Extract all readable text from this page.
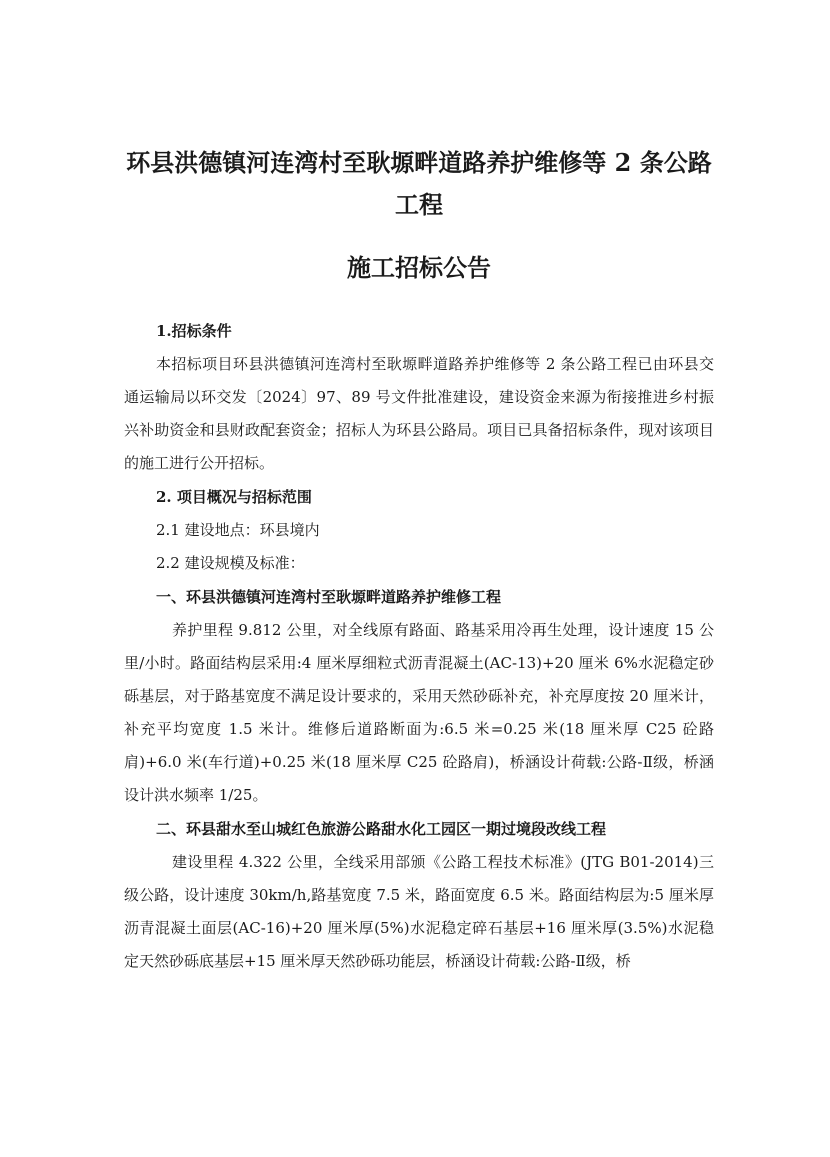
环县洪德镇河连湾村至耿塬畔道路养护维修等 2 条公路工程
施工招标公告

1.招标条件

本招标项目环县洪德镇河连湾村至耿塬畔道路养护维修等 2 条公路工程已由环县交通运输局以环交发〔2024〕97、89 号文件批准建设，建设资金来源为衔接推进乡村振兴补助资金和县财政配套资金；招标人为环县公路局。项目已具备招标条件，现对该项目的施工进行公开招标。

2. 项目概况与招标范围

2.1 建设地点：环县境内

2.2 建设规模及标准：

一、环县洪德镇河连湾村至耿塬畔道路养护维修工程

养护里程 9.812 公里，对全线原有路面、路基采用冷再生处理，设计速度 15 公里/小时。路面结构层采用:4 厘米厚细粒式沥青混凝土(AC-13)+20 厘米 6%水泥稳定砂砾基层，对于路基宽度不满足设计要求的，采用天然砂砾补充，补充厚度按 20 厘米计，补充平均宽度 1.5 米计。维修后道路断面为:6.5 米=0.25 米(18 厘米厚 C25 砼路肩)+6.0 米(车行道)+0.25 米(18 厘米厚 C25 砼路肩)，桥涵设计荷载:公路-Ⅱ级，桥涵设计洪水频率 1/25。

二、环县甜水至山城红色旅游公路甜水化工园区一期过境段改线工程

建设里程 4.322 公里，全线采用部颁《公路工程技术标准》(JTG B01-2014)三级公路，设计速度 30km/h,路基宽度 7.5 米，路面宽度 6.5 米。路面结构层为:5 厘米厚沥青混凝土面层(AC-16)+20 厘米厚(5%)水泥稳定碎石基层+16 厘米厚(3.5%)水泥稳定天然砂砾底基层+15 厘米厚天然砂砾功能层，桥涵设计荷载:公路-Ⅱ级，桥
